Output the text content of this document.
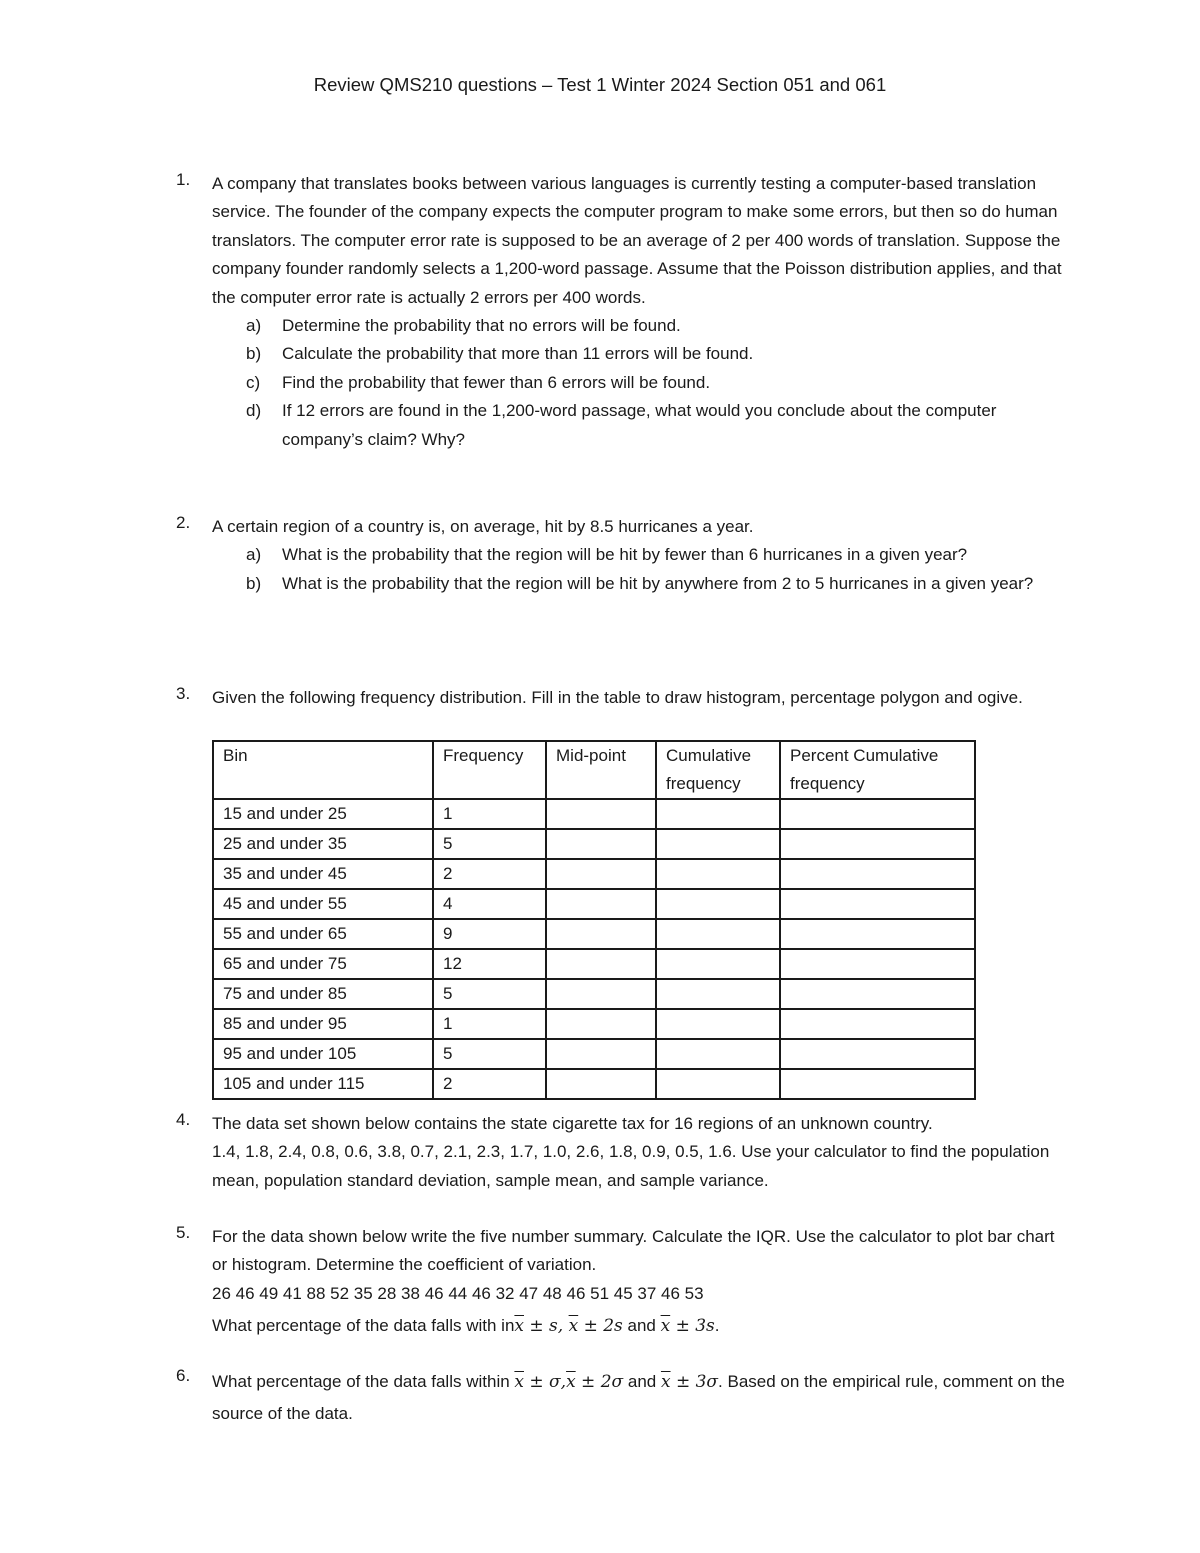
Review QMS210 questions – Test 1 Winter 2024 Section 051 and 061
1. A company that translates books between various languages is currently testing a computer-based translation service. The founder of the company expects the computer program to make some errors, but then so do human translators. The computer error rate is supposed to be an average of 2 per 400 words of translation. Suppose the company founder randomly selects a 1,200-word passage. Assume that the Poisson distribution applies, and that the computer error rate is actually 2 errors per 400 words.
a) Determine the probability that no errors will be found.
b) Calculate the probability that more than 11 errors will be found.
c) Find the probability that fewer than 6 errors will be found.
d) If 12 errors are found in the 1,200-word passage, what would you conclude about the computer company’s claim? Why?
2. A certain region of a country is, on average, hit by 8.5 hurricanes a year.
a) What is the probability that the region will be hit by fewer than 6 hurricanes in a given year?
b) What is the probability that the region will be hit by anywhere from 2 to 5 hurricanes in a given year?
3. Given the following frequency distribution. Fill in the table to draw histogram, percentage polygon and ogive.
Bin	Frequency	Mid-point	Cumulative frequency	Percent Cumulative frequency
15 and under 25	1			
25 and under 35	5			
35 and under 45	2			
45 and under 55	4			
55 and under 65	9			
65 and under 75	12			
75 and under 85	5			
85 and under 95	1			
95 and under 105	5			
105 and under 115	2			
4. The data set shown below contains the state cigarette tax for 16 regions of an unknown country.
1.4, 1.8, 2.4, 0.8, 0.6, 3.8, 0.7, 2.1, 2.3, 1.7, 1.0, 2.6, 1.8, 0.9, 0.5, 1.6. Use your calculator to find the population mean, population standard deviation, sample mean, and sample variance.
5. For the data shown below write the five number summary. Calculate the IQR. Use the calculator to plot bar chart or histogram. Determine the coefficient of variation.
26 46 49 41 88 52 35 28 38 46 44 46 32 47 48 46 51 45 37 46 53
What percentage of the data falls with $in\overline{x} \pm s$, $\overline{x} \pm 2s$ and $\overline{x} \pm 3s$.
6. What percentage of the data falls within $\overline{x} \pm \sigma,\overline{x} \pm 2\sigma$ and $\overline{x} \pm 3\sigma$. Based on the empirical rule, comment on the source of the data.
